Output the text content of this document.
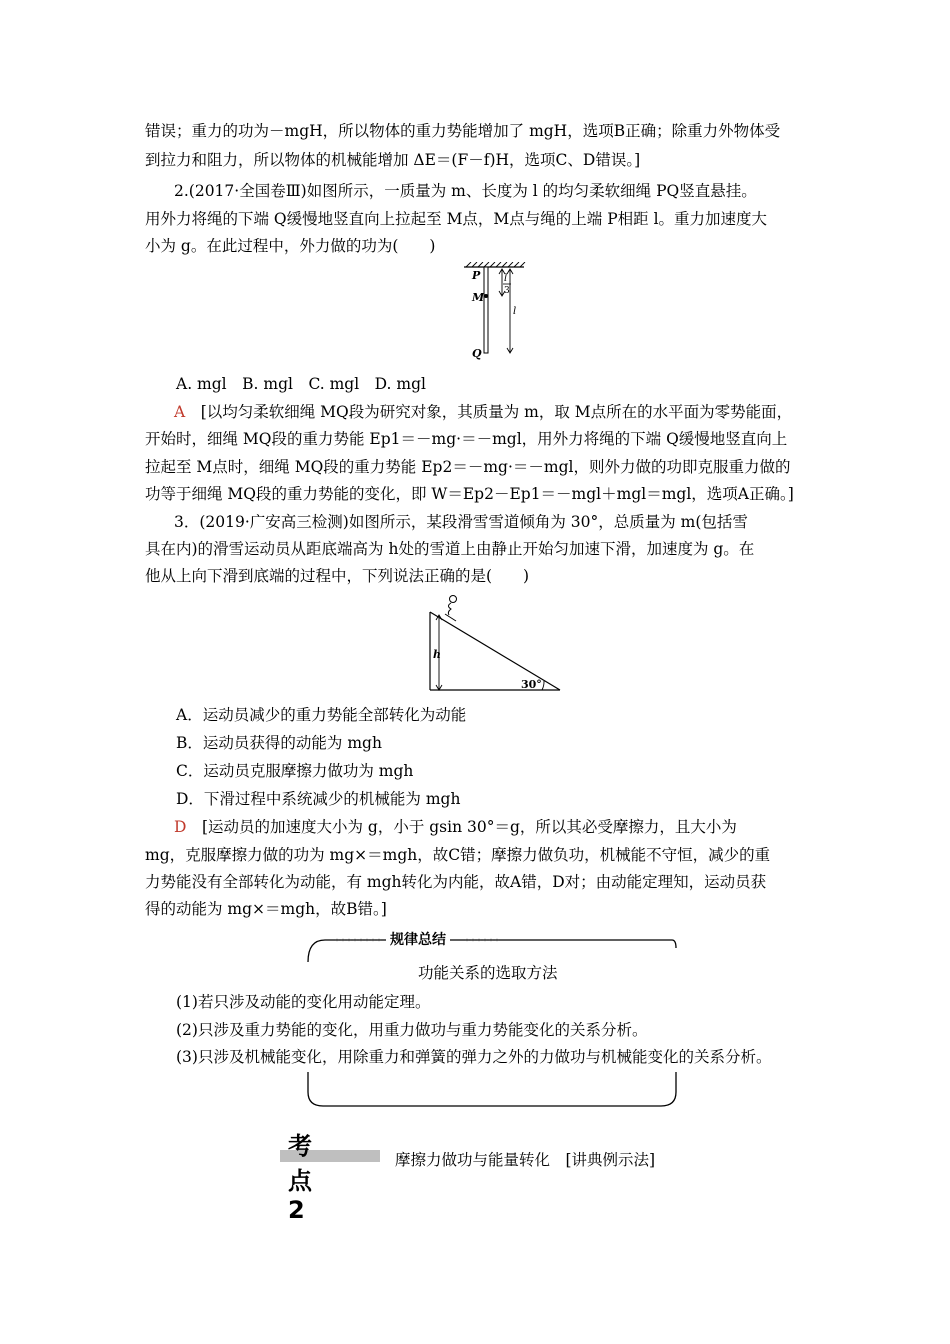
错误；重力的功为－mgH，所以物体的重力势能增加了 mgH，选项B正确；除重力外物体受
到拉力和阻力，所以物体的机械能增加 ΔE＝(F－f)H，选项C、D错误。]
2.(2017·全国卷Ⅲ)如图所示，一质量为 m、长度为 l 的均匀柔软细绳 PQ竖直悬挂。
用外力将绳的下端 Q缓慢地竖直向上拉起至 M点，M点与绳的上端 P相距 l。重力加速度大
小为 g。在此过程中，外力做的功为(　　)
P
M
Q
l
3
l
A. mgl　B. mgl　C. mgl　D. mgl
A　[以均匀柔软细绳 MQ段为研究对象，其质量为 m，取 M点所在的水平面为零势能面，
开始时，细绳 MQ段的重力势能 Ep1＝－mg·＝－mgl，用外力将绳的下端 Q缓慢地竖直向上
拉起至 M点时，细绳 MQ段的重力势能 Ep2＝－mg·＝－mgl，则外力做的功即克服重力做的
功等于细绳 MQ段的重力势能的变化，即 W＝Ep2－Ep1＝－mgl＋mgl＝mgl，选项A正确。]
3．(2019·广安高三检测)如图所示，某段滑雪雪道倾角为 30°，总质量为 m(包括雪
具在内)的滑雪运动员从距底端高为 h处的雪道上由静止开始匀加速下滑，加速度为 g。在
他从上向下滑到底端的过程中，下列说法正确的是(　　)
h
30°
A．运动员减少的重力势能全部转化为动能
B．运动员获得的动能为 mgh
C．运动员克服摩擦力做功为 mgh
D．下滑过程中系统减少的机械能为 mgh
D　[运动员的加速度大小为 g，小于 gsin 30°＝g，所以其必受摩擦力，且大小为
mg，克服摩擦力做的功为 mg×＝mgh，故C错；摩擦力做负功，机械能不守恒，减少的重
力势能没有全部转化为动能，有 mgh转化为内能，故A错，D对；由动能定理知，运动员获
得的动能为 mg×＝mgh，故B错。]
规律总结
功能关系的选取方法
(1)若只涉及动能的变化用动能定理。
(2)只涉及重力势能的变化，用重力做功与重力势能变化的关系分析。
(3)只涉及机械能变化，用除重力和弹簧的弹力之外的力做功与机械能变化的关系分析。
考点 2
摩擦力做功与能量转化　[讲典例示法]
